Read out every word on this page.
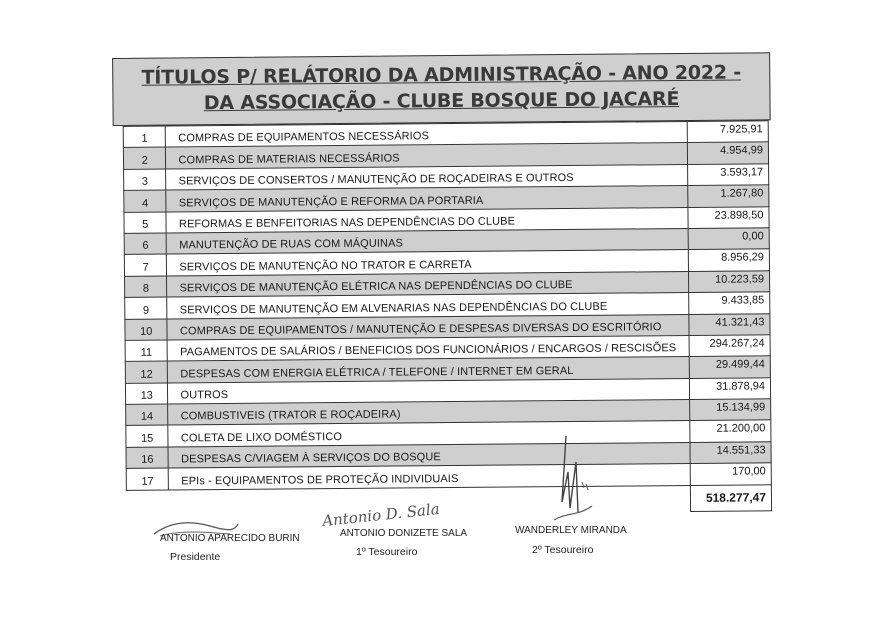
TÍTULOS P/ RELÁTORIO DA ADMINISTRAÇÃO - ANO 2022 -
DA ASSOCIAÇÃO - CLUBE BOSQUE DO JACARÉ
1	COMPRAS DE EQUIPAMENTOS NECESSÁRIOS	7.925,91
2	COMPRAS DE MATERIAIS NECESSÁRIOS	4.954,99
3	SERVIÇOS DE CONSERTOS / MANUTENÇÃO DE ROÇADEIRAS E OUTROS	3.593,17
4	SERVIÇOS DE MANUTENÇÃO E REFORMA DA PORTARIA	1.267,80
5	REFORMAS E BENFEITORIAS NAS DEPENDÊNCIAS DO CLUBE	23.898,50
6	MANUTENÇÃO DE RUAS COM MÁQUINAS	0,00
7	SERVIÇOS DE MANUTENÇÃO NO TRATOR E CARRETA	8.956,29
8	SERVIÇOS DE MANUTENÇÃO ELÉTRICA NAS DEPENDÊNCIAS DO CLUBE	10.223,59
9	SERVIÇOS DE MANUTENÇÃO EM ALVENARIAS NAS DEPENDÊNCIAS DO CLUBE	9.433,85
10	COMPRAS DE EQUIPAMENTOS / MANUTENÇÃO E DESPESAS DIVERSAS DO ESCRITÓRIO	41.321,43
11	PAGAMENTOS DE SALÁRIOS / BENEFICIOS DOS FUNCIONÁRIOS / ENCARGOS / RESCISÕES	294.267,24
12	DESPESAS COM ENERGIA ELÉTRICA / TELEFONE / INTERNET EM GERAL	29.499,44
13	OUTROS	31.878,94
14	COMBUSTIVEIS (TRATOR E ROÇADEIRA)	15.134,99
15	COLETA DE LIXO DOMÉSTICO	21.200,00
16	DESPESAS C/VIAGEM À SERVIÇOS DO BOSQUE	14.551,33
17	EPIs - EQUIPAMENTOS DE PROTEÇÃO INDIVIDUAIS	170,00
		518.277,47
Antonio D. Sala
ANTONIO APARECIDO BURIN
Presidente
ANTONIO DONIZETE SALA
1º Tesoureiro
WANDERLEY MIRANDA
2º Tesoureiro
